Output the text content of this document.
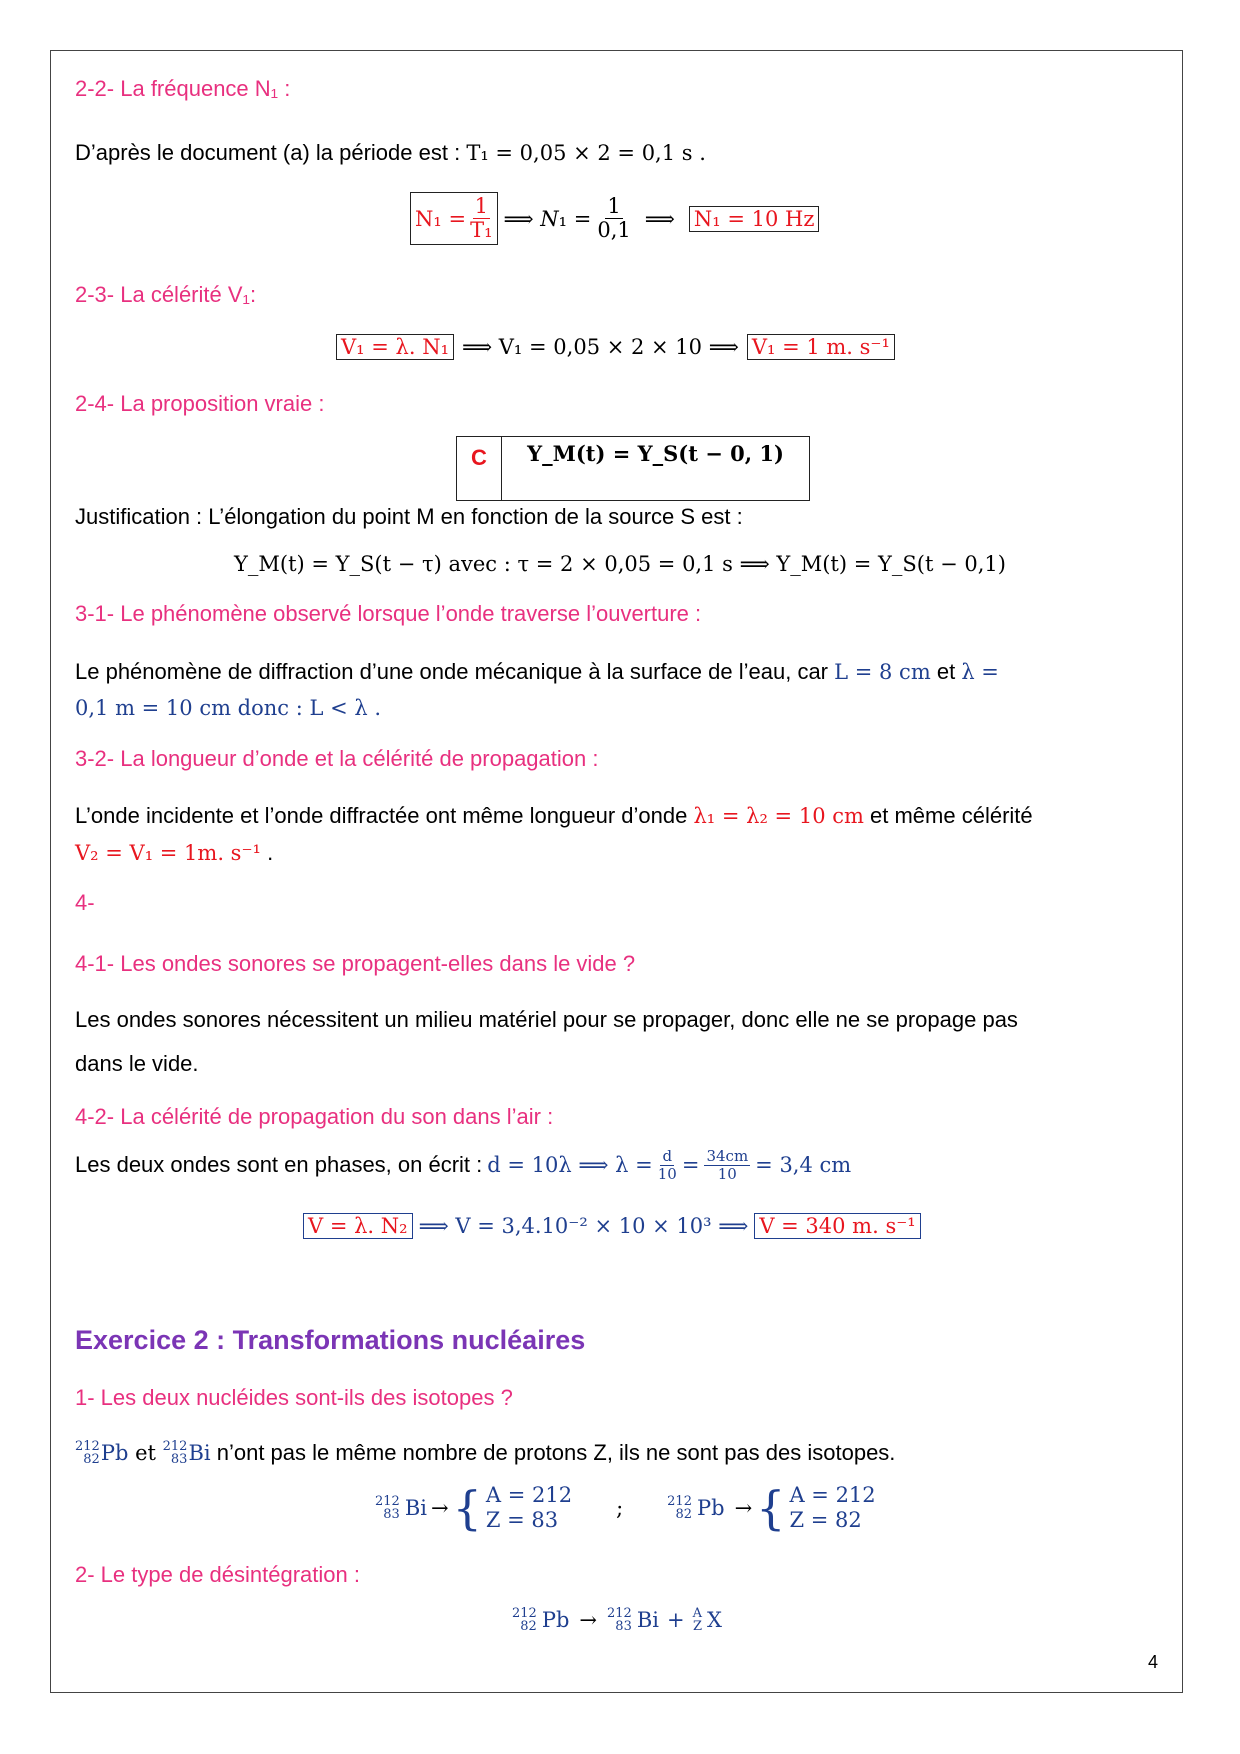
2-2- La fréquence N₁ :
D’après le document (a) la période est : T₁ = 0,05 × 2 = 0,1 s .
$N_1 = \frac{1}{\text{T₁}}$ ⟹ 𝑁₁ = $\frac{1}{0,1}$ ⟹ N₁ = 10 Hz
2-3- La célérité V₁:
V₁ = λ. N₁ ⟹ V₁ = 0,05 × 2 × 10 ⟹ V₁ = 1 m. s⁻¹
2-4- La proposition vraie :
C	Y_M(t) = Y_S(t − 0, 1)
Justification : L’élongation du point M en fonction de la source S est :
Y_M(t) = Y_S(t − τ) avec : τ = 2 × 0,05 = 0,1 s ⟹ Y_M(t) = Y_S(t − 0,1)
3-1- Le phénomène observé lorsque l’onde traverse l’ouverture :
Le phénomène de diffraction d’une onde mécanique à la surface de l’eau, car L = 8 cm et λ =
0,1 m = 10 cm donc : L < λ .
3-2- La longueur d’onde et la célérité de propagation :
L’onde incidente et l’onde diffractée ont même longueur d’onde λ₁ = λ₂ = 10 cm et même célérité
V₂ = V₁ = 1m. s⁻¹ .
4-
4-1- Les ondes sonores se propagent-elles dans le vide ?
Les ondes sonores nécessitent un milieu matériel pour se propager, donc elle ne se propage pas
dans le vide.
4-2- La célérité de propagation du son dans l’air :
Les deux ondes sont en phases, on écrit : d = 10λ ⟹ $\lambda = \frac{d}{10} = \frac{34cm}{10} = 3,4$ cm
V = λ. N₂ ⟹ V = 3,4.10⁻² × 10 × 10³ ⟹ V = 340 m. s⁻¹
Exercice 2 : Transformations nucléaires
1- Les deux nucléides sont-ils des isotopes ?
212
82 Pb et 212
83 Bi n’ont pas le même nombre de protons Z, ils ne sont pas des isotopes.
212
83 Bi → { A = 212
Z = 83	;	212
82 Pb → { A = 212
Z = 82
2- Le type de désintégration :
212
82 Pb → 212
83 Bi + A
Z X
4
